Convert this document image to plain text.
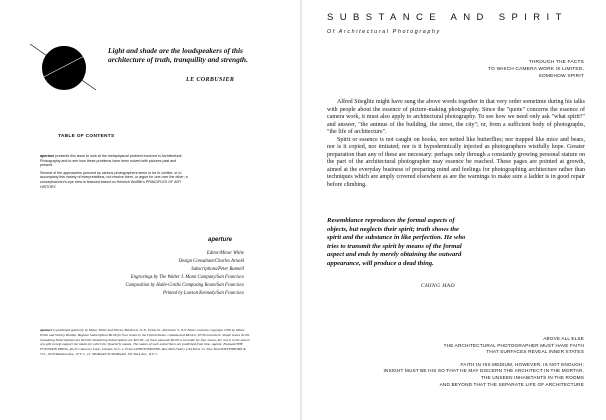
Light and shade are the loudspeakers of this architecture of truth, tranquility and strength.
LE CORBUSIER
TABLE OF CONTENTS

aperture presents this issue to look at the metaphysical problem involved in Architectural Photography and to see how these problems have been solved with pictures past and present.

Several of the approaches pursued by various photographers seem to be in conflict; or to accompany this variety of interpretations, not resolve them, or argue for one over the other; a conceptual bird's-eye view is featured based on Heinrich Wolfflin's PRINCIPLES OF ART HISTORY.

aperture
Editor/Minor White
Design Consultant/Charles Arnold
Subscriptions/Peter Bunnell
Engravings by The Walter J. Mann Company/San Francisco
Composition by Halle-Cordis Composing Room/San Francisco
Printed by Lawton Kennedy/San Francisco

aperture is published quarterly by Minor White and Shirley Burden at 72 N. Union St., Rochester 5, N.Y. Entire contents copyright 1958 by Minor White and Shirley Burden. Regular Subscription $6.00 for four issues in the United States, Canada and Mexico; $7.00 elsewhere. Single issues $1.60. Sustaining Subscriptions are $10.00; Sustaining Subscriptions are $25.00—of these amounts $6.00 is set aside for four issues, the rest is in the nature of a gift to help support the ideals for which the Quarterly stands. The names of such subscribers are published from time. Agents: England/THE FOUNTAIN PRESS, 46-47 Chancery Lane, London, W.C. 2. France/PHOTOMONDE, Rue Paul-Valery (16) Paris 15. New York/WITTENBORN & CO., 1018 Madison Ave., N.Y. C. 21. MORGAN & MORGAN, 101 Park Ave., N.Y. C.

SUBSTANCE AND SPIRIT
Of Architectural Photography
THROUGH THE FACTS
TO WHICH CAMERA WORK IS LIMITED,
SOMEHOW SPIRIT

Alfred Stieglitz might have sung the above words together in that very order sometime during his talks with people about the essence of picture-making photography. Since the "quote" concerns the essence of camera work, it must also apply to architectural photography. To see how we need only ask "what spirit?" and answer, "the animus of the building, the street, the city"; or, from a sufficient body of photographs, "the life of architecture".

Spirit or essence is not caught on hooks, nor netted like butterflies; nor trapped like mice and bears, nor is it copied, nor imitated; nor is it hypodermically injected as photographers wistfully hope. Greater preparation than any of these are necessary: perhaps only through a constantly growing personal stature on the part of the architectural photographer may essence be reached. These pages are pointed at growth, aimed at the everyday business of preparing mind and feelings for photographing architecture rather than techniques which are amply covered elsewhere as are the warnings to make sure a ladder is in good repair before climbing.

Resemblance reproduces the formal aspects of objects, but neglects their spirit; truth shows the spirit and the substance in like perfection. He who tries to transmit the spirit by means of the formal aspect and ends by merely obtaining the outward appearance, will produce a dead thing.
CHING HAO
ABOVE ALL ELSE
THE ARCHITECTURAL PHOTOGRAPHER MUST HAVE FAITH
THAT SURFACES REVEAL INNER STATES
FAITH IN HIS MEDIUM, HOWEVER, IS NOT ENOUGH;
INSIGHT MUST BE HIS SO THAT HE MAY DISCERN THE ARCHITECT IN THE MORTAR,
THE UNSEEN INHABITANTS IN THE ROOMS
AND BEYOND THAT THE SEPARATE LIFE OF ARCHITECTURE
